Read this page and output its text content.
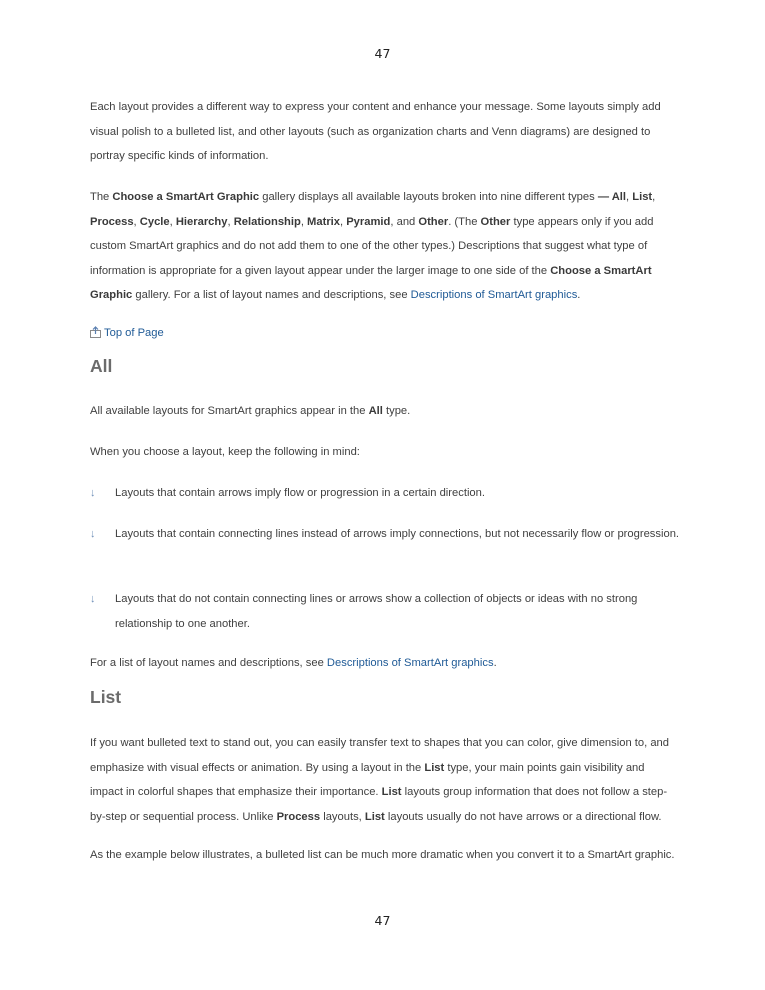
47

Each layout provides a different way to express your content and enhance your message. Some layouts simply add visual polish to a bulleted list, and other layouts (such as organization charts and Venn diagrams) are designed to portray specific kinds of information.

The Choose a SmartArt Graphic gallery displays all available layouts broken into nine different types — All, List, Process, Cycle, Hierarchy, Relationship, Matrix, Pyramid, and Other. (The Other type appears only if you add custom SmartArt graphics and do not add them to one of the other types.) Descriptions that suggest what type of information is appropriate for a given layout appear under the larger image to one side of the Choose a SmartArt Graphic gallery. For a list of layout names and descriptions, see Descriptions of SmartArt graphics.

Top of Page
All

All available layouts for SmartArt graphics appear in the All type.

When you choose a layout, keep the following in mind:

↓ Layouts that contain arrows imply flow or progression in a certain direction.

↓ Layouts that contain connecting lines instead of arrows imply connections, but not necessarily flow or progression.

↓ Layouts that do not contain connecting lines or arrows show a collection of objects or ideas with no strong relationship to one another.

For a list of layout names and descriptions, see Descriptions of SmartArt graphics.

List

If you want bulleted text to stand out, you can easily transfer text to shapes that you can color, give dimension to, and emphasize with visual effects or animation. By using a layout in the List type, your main points gain visibility and impact in colorful shapes that emphasize their importance. List layouts group information that does not follow a step-by-step or sequential process. Unlike Process layouts, List layouts usually do not have arrows or a directional flow.

As the example below illustrates, a bulleted list can be much more dramatic when you convert it to a SmartArt graphic.

47
